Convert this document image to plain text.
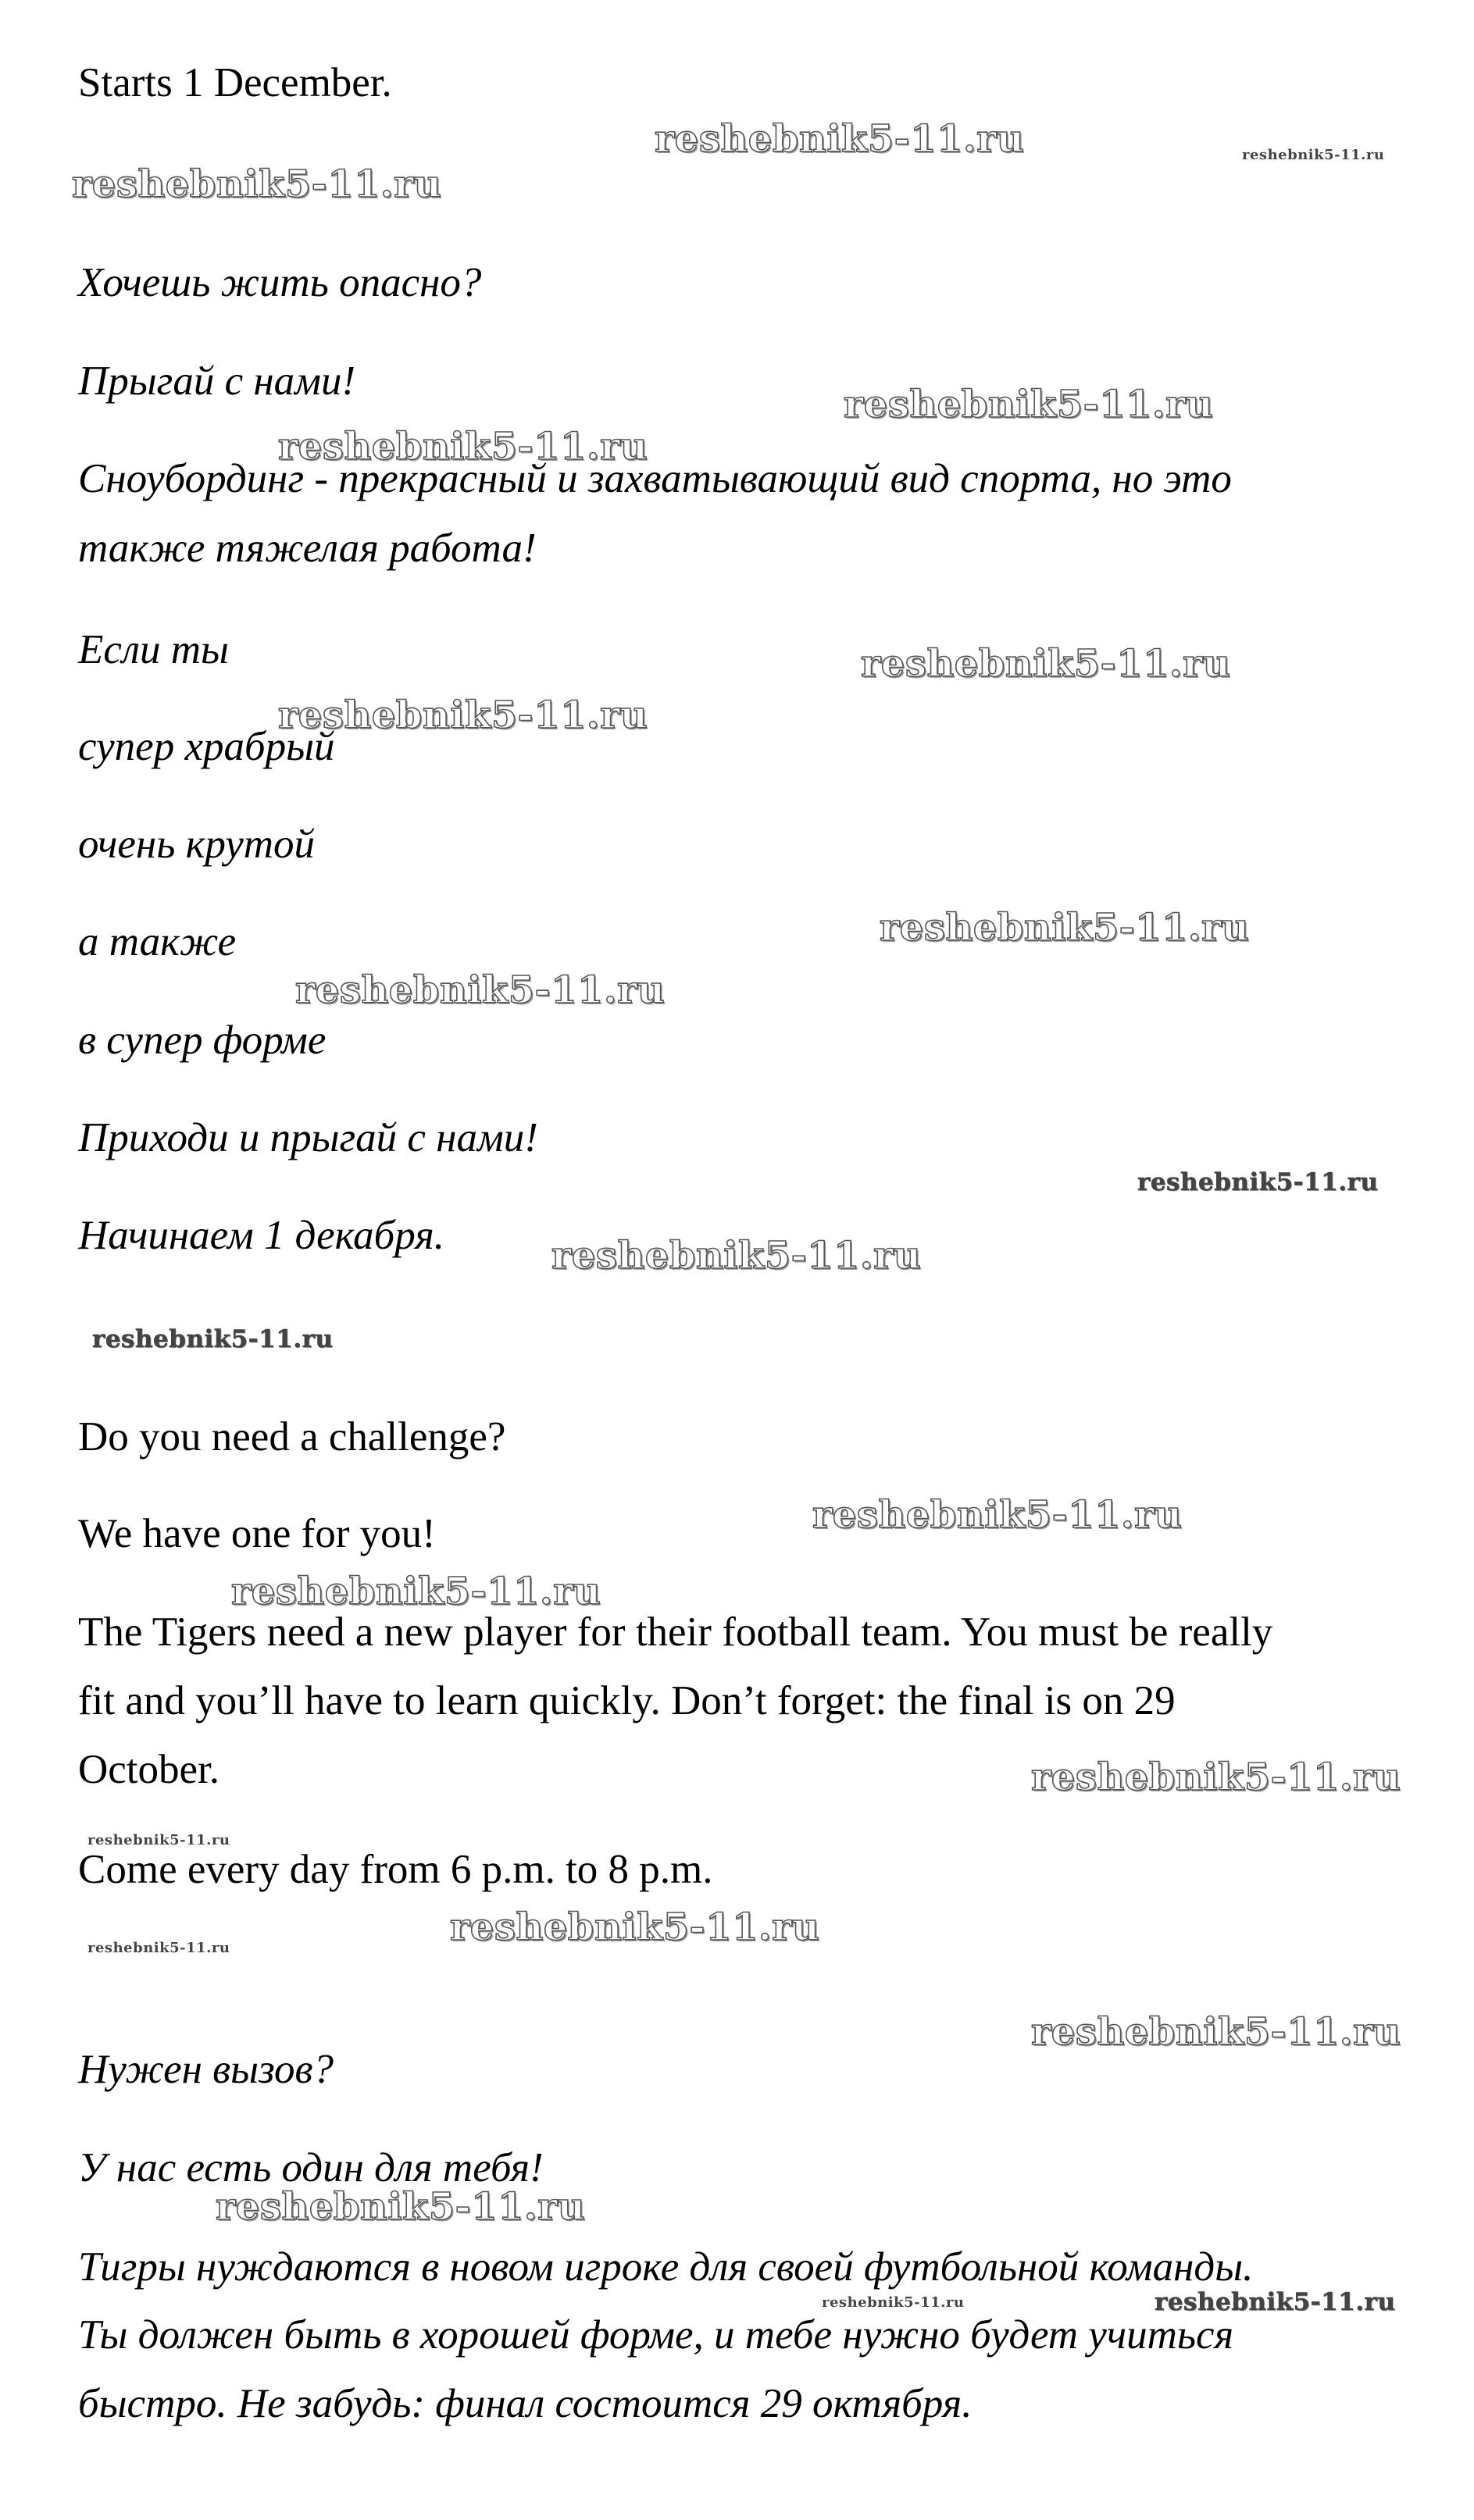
Starts 1 December.
Хочешь жить опасно?
Прыгай с нами!
Сноубординг - прекрасный и захватывающий вид спорта, но это
также тяжелая работа!
Если ты
супер храбрый
очень крутой
а также
в супер форме
Приходи и прыгай с нами!
Начинаем 1 декабря.
Do you need a challenge?
We have one for you!
The Tigers need a new player for their football team. You must be really
fit and you’ll have to learn quickly. Don’t forget: the final is on 29
October.
Come every day from 6 p.m. to 8 p.m.
Нужен вызов?
У нас есть один для тебя!
Тигры нуждаются в новом игроке для своей футбольной команды.
Ты должен быть в хорошей форме, и тебе нужно будет учиться
быстро. Не забудь: финал состоится 29 октября.
reshebnik5-11.ru	reshebnik5-11.ru
reshebnik5-11.ru
reshebnik5-11.ru
reshebnik5-11.ru
reshebnik5-11.ru
reshebnik5-11.ru
reshebnik5-11.ru
reshebnik5-11.ru
reshebnik5-11.ru
reshebnik5-11.ru
reshebnik5-11.ru
reshebnik5-11.ru
reshebnik5-11.ru
reshebnik5-11.ru
reshebnik5-11.ru
reshebnik5-11.ru
reshebnik5-11.ru
reshebnik5-11.ru
reshebnik5-11.ru
reshebnik5-11.ru
reshebnik5-11.ru
